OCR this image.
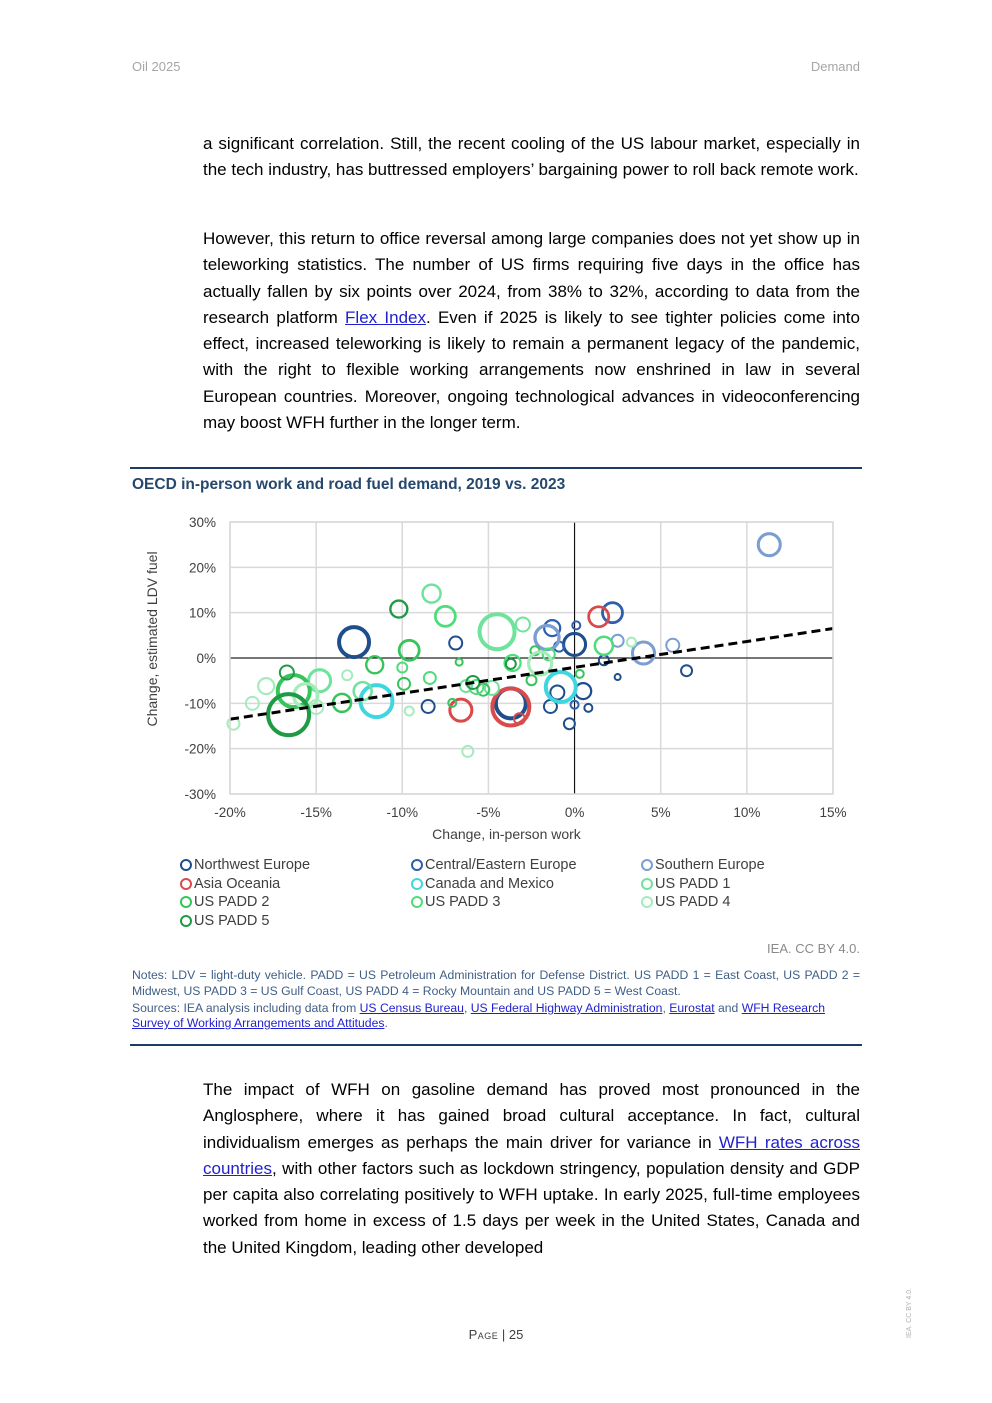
Oil 2025	Demand

a significant correlation. Still, the recent cooling of the US labour market, especially in the tech industry, has buttressed employers’ bargaining power to roll back remote work.

However, this return to office reversal among large companies does not yet show up in teleworking statistics. The number of US firms requiring five days in the office has actually fallen by six points over 2024, from 38% to 32%, according to data from the research platform Flex Index. Even if 2025 is likely to see tighter policies come into effect, increased teleworking is likely to remain a permanent legacy of the pandemic, with the right to flexible working arrangements now enshrined in law in several European countries. Moreover, ongoing technological advances in videoconferencing may boost WFH further in the longer term.

OECD in-person work and road fuel demand, 2019 vs. 2023
-20%	-15%	-10%	-5%	0%	5%	10%	15%
30%
20%
10%
0%
-10%
-20%
-30%
Change, in-person work
Change, estimated LDV fuel
Northwest Europe	Central/Eastern Europe	Southern Europe
Asia Oceania	Canada and Mexico	US PADD 1
US PADD 2	US PADD 3	US PADD 4
US PADD 5
IEA. CC BY 4.0.

Notes: LDV = light-duty vehicle. PADD = US Petroleum Administration for Defense District. US PADD 1 = East Coast, US PADD 2 = Midwest, US PADD 3 = US Gulf Coast, US PADD 4 = Rocky Mountain and US PADD 5 = West Coast.

Sources: IEA analysis including data from US Census Bureau, US Federal Highway Administration, Eurostat and WFH Research Survey of Working Arrangements and Attitudes.

The impact of WFH on gasoline demand has proved most pronounced in the Anglosphere, where it has gained broad cultural acceptance. In fact, cultural individualism emerges as perhaps the main driver for variance in WFH rates across countries, with other factors such as lockdown stringency, population density and GDP per capita also correlating positively to WFH uptake. In early 2025, full-time employees worked from home in excess of 1.5 days per week in the United States, Canada and the United Kingdom, leading other developed

Page | 25	IEA. CC BY 4.0.
